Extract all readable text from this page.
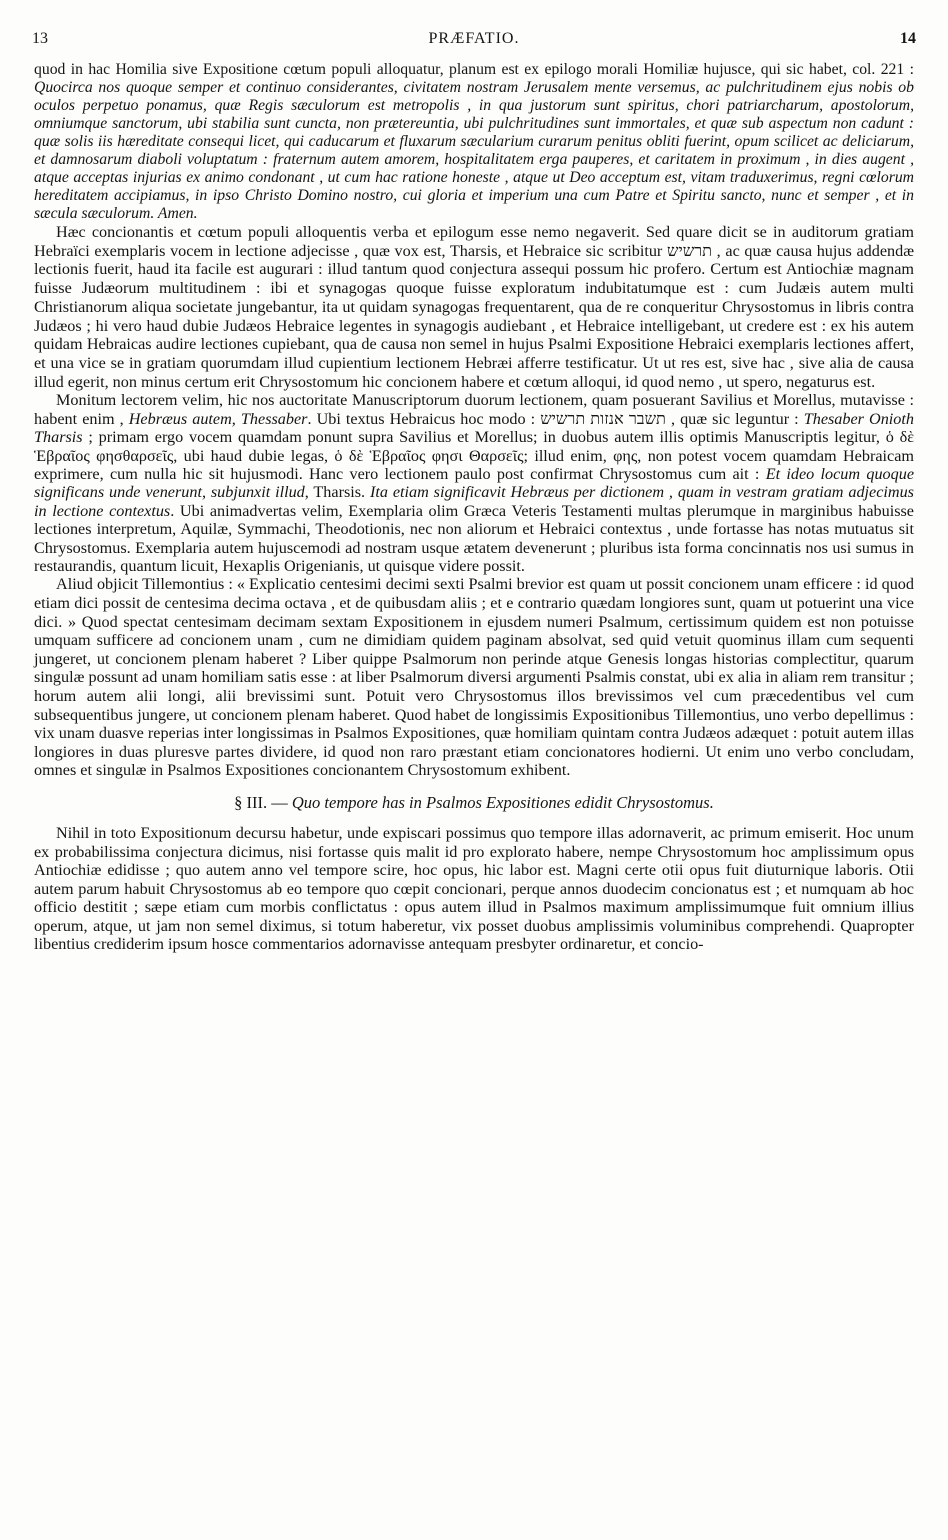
13	PRÆFATIO.	14

quod in hac Homilia sive Expositione cœtum populi alloquatur, planum est ex epilogo morali Homiliæ hujusce, qui sic habet, col. 221 : Quocirca nos quoque semper et continuo considerantes, civitatem nostram Jerusalem mente versemus, ac pulchritudinem ejus nobis ob oculos perpetuo ponamus, quæ Regis sæculorum est metropolis , in qua justorum sunt spiritus, chori patriarcharum, apostolorum, omniumque sanctorum, ubi stabilia sunt cuncta, non prætereuntia, ubi pulchritudines sunt immortales, et quæ sub aspectum non cadunt : quæ solis iis hæreditate consequi licet, qui caducarum et fluxarum sæcularium curarum penitus obliti fuerint, opum scilicet ac deliciarum, et damnosarum diaboli voluptatum : fraternum autem amorem, hospitalitatem erga pauperes, et caritatem in proximum , in dies augent , atque acceptas injurias ex animo condonant , ut cum hac ratione honeste , atque ut Deo acceptum est, vitam traduxerimus, regni cœlorum hereditatem accipiamus, in ipso Christo Domino nostro, cui gloria et imperium una cum Patre et Spiritu sancto, nunc et semper , et in sæcula sæculorum. Amen.

Hæc concionantis et cœtum populi alloquentis verba et epilogum esse nemo negaverit. Sed quare dicit se in auditorum gratiam Hebraïci exemplaris vocem in lectione adjecisse , quæ vox est, Tharsis, et Hebraice sic scribitur תרשיש , ac quæ causa hujus addendæ lectionis fuerit, haud ita facile est augurari : illud tantum quod conjectura assequi possum hic profero. Certum est Antiochiæ magnam fuisse Judæorum multitudinem : ibi et synagogas quoque fuisse exploratum indubitatumque est : cum Judæis autem multi Christianorum aliqua societate jungebantur, ita ut quidam synagogas frequentarent, qua de re conqueritur Chrysostomus in libris contra Judæos ; hi vero haud dubie Judæos Hebraice legentes in synagogis audiebant , et Hebraice intelligebant, ut credere est : ex his autem quidam Hebraicas audire lectiones cupiebant, qua de causa non semel in hujus Psalmi Expositione Hebraici exemplaris lectiones affert, et una vice se in gratiam quorumdam illud cupientium lectionem Hebræi afferre testificatur. Ut ut res est, sive hac , sive alia de causa illud egerit, non minus certum erit Chrysostomum hic concionem habere et cœtum alloqui, id quod nemo , ut spero, negaturus est.

Monitum lectorem velim, hic nos auctoritate Manuscriptorum duorum lectionem, quam posuerant Savilius et Morellus, mutavisse : habent enim , Hebræus autem, Thessaber. Ubi textus Hebraicus hoc modo : תשבר אנזות תרשיש , quæ sic leguntur : Thesaber Onioth Tharsis ; primam ergo vocem quamdam ponunt supra Savilius et Morellus; in duobus autem illis optimis Manuscriptis legitur, ὁ δὲ Ἑβραῖος φησθαρσεῖς, ubi haud dubie legas, ὁ δὲ Ἑβραῖος φησι Θαρσεῖς; illud enim, φης, non potest vocem quamdam Hebraicam exprimere, cum nulla hic sit hujusmodi. Hanc vero lectionem paulo post confirmat Chrysostomus cum ait : Et ideo locum quoque significans unde venerunt, subjunxit illud, Tharsis. Ita etiam significavit Hebræus per dictionem , quam in vestram gratiam adjecimus in lectione contextus. Ubi animadvertas velim, Exemplaria olim Græca Veteris Testamenti multas plerumque in marginibus habuisse lectiones interpretum, Aquilæ, Symmachi, Theodotionis, nec non aliorum et Hebraici contextus , unde fortasse has notas mutuatus sit Chrysostomus. Exemplaria autem hujuscemodi ad nostram usque ætatem devenerunt ; pluribus ista forma concinnatis nos usi sumus in restaurandis, quantum licuit, Hexaplis Origenianis, ut quisque videre possit.

Aliud objicit Tillemontius : « Explicatio centesimi decimi sexti Psalmi brevior est quam ut possit concionem unam efficere : id quod etiam dici possit de centesima decima octava , et de quibusdam aliis ; et e contrario quædam longiores sunt, quam ut potuerint una vice dici. » Quod spectat centesimam decimam sextam Expositionem in ejusdem numeri Psalmum, certissimum quidem est non potuisse umquam sufficere ad concionem unam , cum ne dimidiam quidem paginam absolvat, sed quid vetuit quominus illam cum sequenti jungeret, ut concionem plenam haberet ? Liber quippe Psalmorum non perinde atque Genesis longas historias complectitur, quarum singulæ possunt ad unam homiliam satis esse : at liber Psalmorum diversi argumenti Psalmis constat, ubi ex alia in aliam rem transitur ; horum autem alii longi, alii brevissimi sunt. Potuit vero Chrysostomus illos brevissimos vel cum præcedentibus vel cum subsequentibus jungere, ut concionem plenam haberet. Quod habet de longissimis Expositionibus Tillemontius, uno verbo depellimus : vix unam duasve reperias inter longissimas in Psalmos Expositiones, quæ homiliam quintam contra Judæos adæquet : potuit autem illas longiores in duas pluresve partes dividere, id quod non raro præstant etiam concionatores hodierni. Ut enim uno verbo concludam, omnes et singulæ in Psalmos Expositiones concionantem Chrysostomum exhibent.

§ III. — Quo tempore has in Psalmos Expositiones edidit Chrysostomus.

Nihil in toto Expositionum decursu habetur, unde expiscari possimus quo tempore illas adornaverit, ac primum emiserit. Hoc unum ex probabilissima conjectura dicimus, nisi fortasse quis malit id pro explorato habere, nempe Chrysostomum hoc amplissimum opus Antiochiæ edidisse ; quo autem anno vel tempore scire, hoc opus, hic labor est. Magni certe otii opus fuit diuturnique laboris. Otii autem parum habuit Chrysostomus ab eo tempore quo cœpit concionari, perque annos duodecim concionatus est ; et numquam ab hoc officio destitit ; sæpe etiam cum morbis conflictatus : opus autem illud in Psalmos maximum amplissimumque fuit omnium illius operum, atque, ut jam non semel diximus, si totum haberetur, vix posset duobus amplissimis voluminibus comprehendi. Quapropter libentius crediderim ipsum hosce commentarios adornavisse antequam presbyter ordinaretur, et concio-
